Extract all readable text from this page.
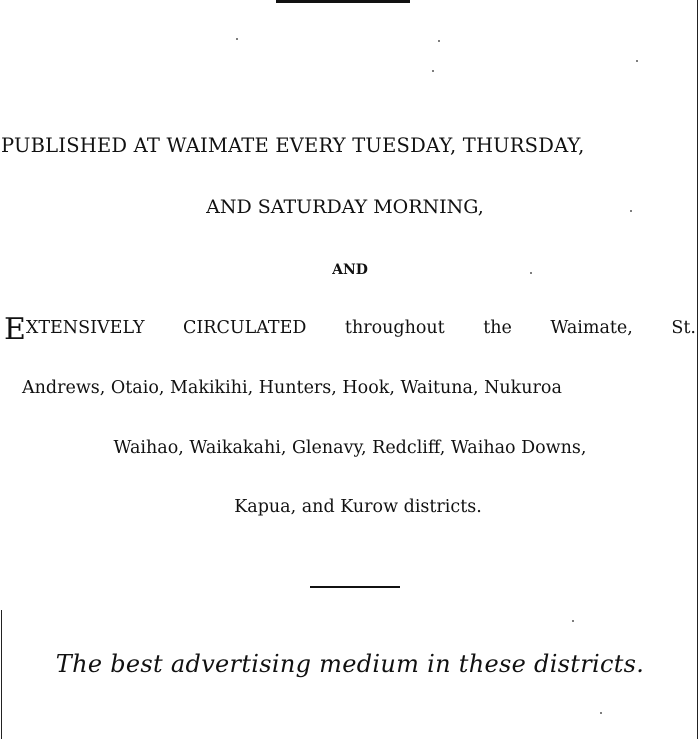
PUBLISHED AT WAIMATE EVERY TUESDAY, THURSDAY,
AND SATURDAY MORNING,
AND
EXTENSIVELY CIRCULATED throughout the Waimate, St.
Andrews, Otaio, Makikihi, Hunters, Hook, Waituna, Nukuroa
Waihao, Waikakahi, Glenavy, Redcliff, Waihao Downs,
Kapua, and Kurow districts.
The best advertising medium in these districts.
